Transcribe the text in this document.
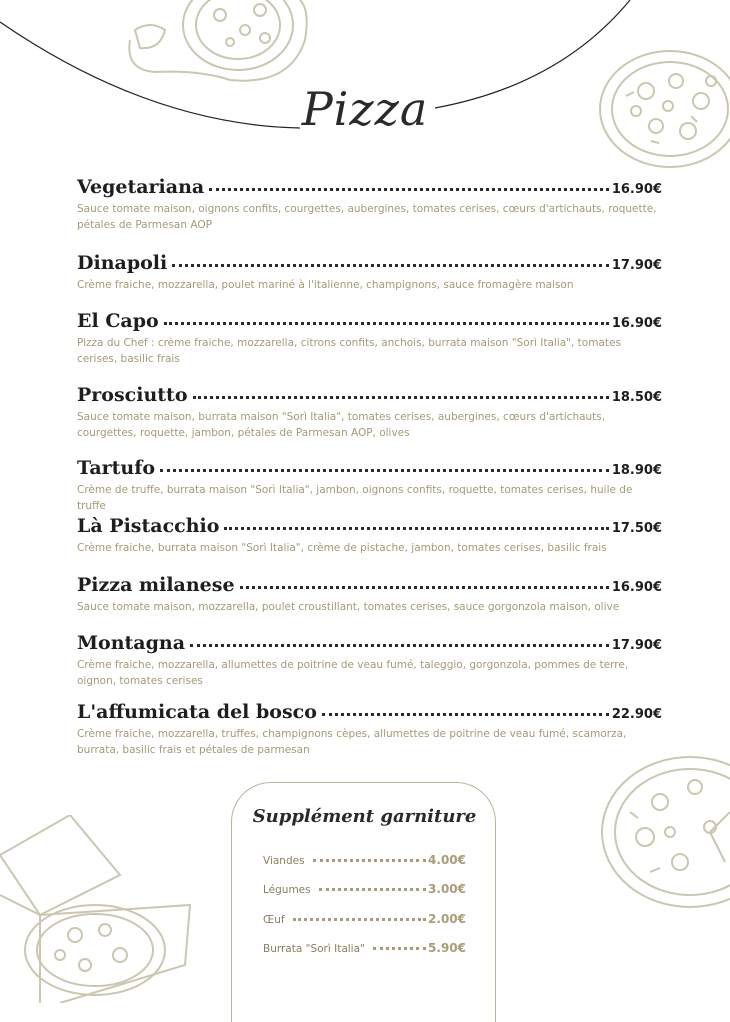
Pizza
Vegetariana	16.90€
Sauce tomate maison, oignons confits, courgettes, aubergines, tomates cerises, cœurs d'artichauts, roquette, pétales de Parmesan AOP
Dinapoli	17.90€
Crème fraiche, mozzarella, poulet mariné à l'italienne, champignons, sauce fromagère maison
El Capo	16.90€
Pizza du Chef : crème fraiche, mozzarella, citrons confits, anchois, burrata maison "Sorì Italia", tomates cerises, basilic frais
Prosciutto	18.50€
Sauce tomate maison, burrata maison "Sorì Italia", tomates cerises, aubergines, cœurs d'artichauts, courgettes, roquette, jambon, pétales de Parmesan AOP, olives
Tartufo	18.90€
Crème de truffe, burrata maison "Sorì Italia", jambon, oignons confits, roquette, tomates cerises, huile de truffe
Là Pistacchio	17.50€
Crème fraiche, burrata maison "Sorì Italia", crème de pistache, jambon, tomates cerises, basilic frais
Pizza milanese	16.90€
Sauce tomate maison, mozzarella, poulet croustillant, tomates cerises, sauce gorgonzola maison, olive
Montagna	17.90€
Crème fraiche, mozzarella, allumettes de poitrine de veau fumé, taleggio, gorgonzola, pommes de terre, oignon, tomates cerises
L'affumicata del bosco	22.90€
Crème fraiche, mozzarella, truffes, champignons cèpes, allumettes de poitrine de veau fumé, scamorza, burrata, basilic frais et pétales de parmesan
Supplément garniture
Viandes	4.00€
Légumes	3.00€
Œuf	2.00€
Burrata "Sorì Italia"	5.90€
